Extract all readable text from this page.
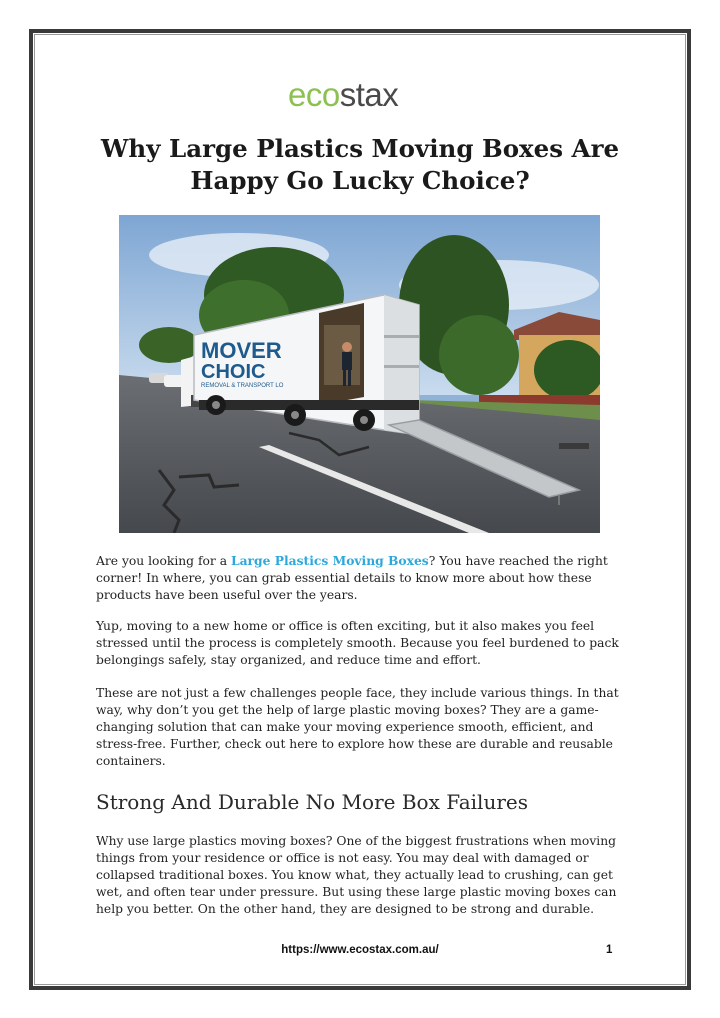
ecostax
Why Large Plastics Moving Boxes Are Happy Go Lucky Choice?
MOVER
CHOIC
REMOVAL & TRANSPORT LO

Are you looking for a Large Plastics Moving Boxes? You have reached the right corner! In where, you can grab essential details to know more about how these products have been useful over the years.

Yup, moving to a new home or office is often exciting, but it also makes you feel stressed until the process is completely smooth. Because you feel burdened to pack belongings safely, stay organized, and reduce time and effort.

These are not just a few challenges people face, they include various things. In that way, why don’t you get the help of large plastic moving boxes? They are a game-changing solution that can make your moving experience smooth, efficient, and stress-free. Further, check out here to explore how these are durable and reusable containers.

Strong And Durable No More Box Failures

Why use large plastics moving boxes? One of the biggest frustrations when moving things from your residence or office is not easy. You may deal with damaged or collapsed traditional boxes. You know what, they actually lead to crushing, can get wet, and often tear under pressure. But using these large plastic moving boxes can help you better. On the other hand, they are designed to be strong and durable.

https://www.ecostax.com.au/	1
